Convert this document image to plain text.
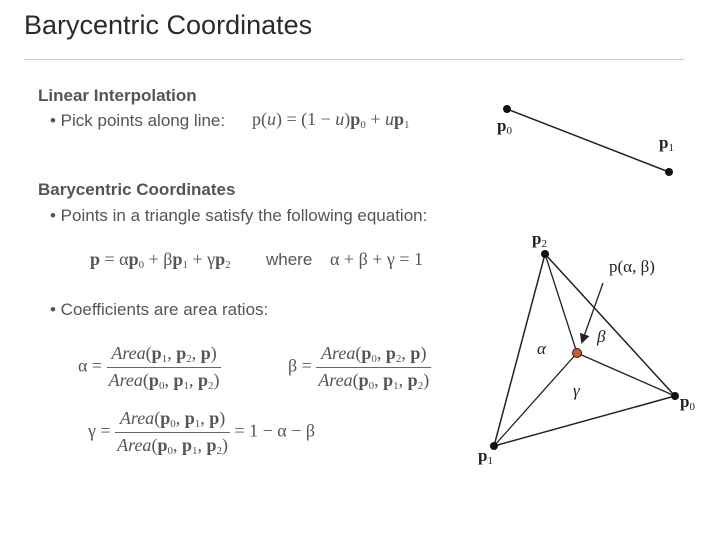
Barycentric Coordinates
Linear Interpolation
• Pick points along line: $p(u) = (1 - u)p_0 + up_1$
Barycentric Coordinates
• Points in a triangle satisfy the following equation:
$p = \alpha p_0 + \beta p_1 + \gamma p_2$ where α + β + γ = 1
• Coefficients are area ratios:
$\alpha = \frac{Area(p_1, p_2, p)}{Area(p_0, p_1, p_2)}$	$\beta = \frac{Area(p_0, p_2, p)}{Area(p_0, p_1, p_2)}$
$\gamma = \frac{Area(p_0, p_1, p)}{Area(p_0, p_1, p_2)} = 1 - \alpha - \beta$
$p_0$
$p_1$
$p_2$
$p_1$
$p_0$
p(α, β)
α
β
γ
